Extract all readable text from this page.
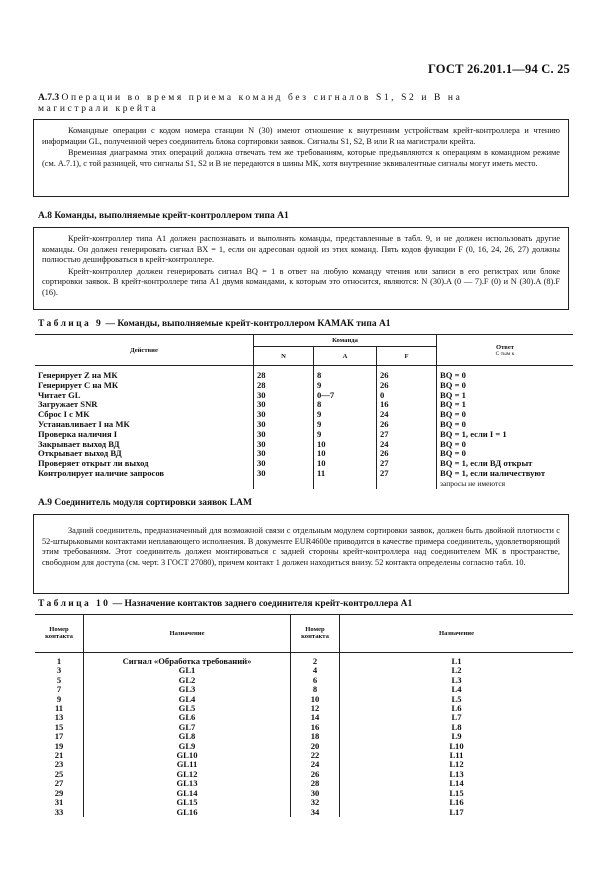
ГОСТ 26.201.1—94 С. 25
А.7.3 Операции во время приема команд без сигналов S1, S2 и B на
магистрали крейта

Командные операции с кодом номера станции N (30) имеют отношение к внутренним устройствам крейт-контроллера и чтению информации GL, полученной через соединитель блока сортировки заявок. Сигналы S1, S2, B или R на магистрали крейта.

Временная диаграмма этих операций должна отвечать тем же требованиям, которые предъявляются к операциям в командном режиме (см. А.7.1), с той разницей, что сигналы S1, S2 и B не передаются в шины МК, хотя внутренние эквивалентные сигналы могут иметь место.

А.8 Команды, выполняемые крейт-контроллером типа А1

Крейт-контроллер типа А1 должен распознавать и выполнять команды, представленные в табл. 9, и не должен использовать другие команды. Он должен генерировать сигнал BX = 1, если он адресован одной из этих команд. Пять кодов функции F (0, 16, 24, 26, 27) должны полностью дешифроваться в крейт-контроллере.

Крейт-контроллер должен генерировать сигнал BQ = 1 в ответ на любую команду чтения или записи в его регистрах или блоке сортировки заявок. В крейт-контроллере типа А1 двумя командами, к которым это относится, являются: N (30).A (0 — 7).F (0) и N (30).A (8).F (16).

Таблица 9 — Команды, выполняемые крейт-контроллером КАМАК типа А1
Действие	Команда			Ответ
С тым к

	N	A	F	
Генерирует Z на МК	28	8	26	BQ = 0
Генерирует C на МК	28	9	26	BQ = 0
Читает GL	30	0—7	0	BQ = 1
Загружает SNR	30	8	16	BQ = 1
Сброс I с МК	30	9	24	BQ = 0
Устанавливает I на МК	30	9	26	BQ = 0
Проверка наличия I	30	9	27	BQ = 1, если I = 1
Закрывает выход ВД	30	10	24	BQ = 0
Открывает выход ВД	30	10	26	BQ = 0
Проверяет открыт ли выход	30	10	27	BQ = 1, если ВД открыт
Контролирует наличие запросов	30	11	27	BQ = 1, если наличествуют
				запросы не имеются
А.9 Соединитель модуля сортировки заявок LAM

Задний соединитель, предназначенный для возможной связи с отдельным модулем сортировки заявок, должен быть двойной плотности с 52-штырьковыми контактами неплавающего исполнения. В документе EUR4600e приводится в качестве примера соединитель, удовлетворяющий этим требованиям. Этот соединитель должен монтироваться с задней стороны крейт-контроллера над соединителем МК в пространстве, свободном для доступа (см. черт. 3 ГОСТ 27080), причем контакт 1 должен находиться внизу. 52 контакта определены согласно табл. 10.

Таблица 10 — Назначение контактов заднего соединителя крейт-контроллера А1
Номер контакта	Назначение	Номер контакта	Назначение
1	Сигнал «Обработка требований»	2	L1
3	GL1	4	L2
5	GL2	6	L3
7	GL3	8	L4
9	GL4	10	L5
11	GL5	12	L6
13	GL6	14	L7
15	GL7	16	L8
17	GL8	18	L9
19	GL9	20	L10
21	GL10	22	L11
23	GL11	24	L12
25	GL12	26	L13
27	GL13	28	L14
29	GL14	30	L15
31	GL15	32	L16
33	GL16	34	L17
